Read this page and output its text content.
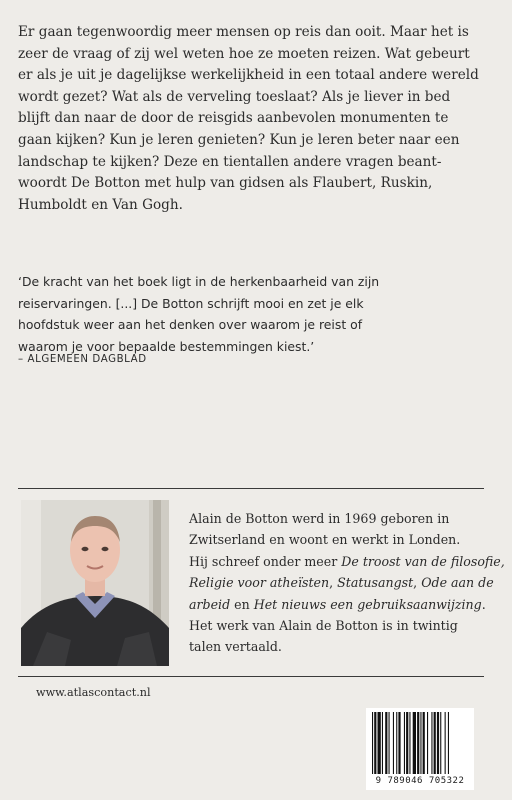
Er gaan tegenwoordig meer mensen op reis dan ooit. Maar het is
zeer de vraag of zij wel weten hoe ze moeten reizen. Wat gebeurt
er als je uit je dagelijkse werkelijkheid in een totaal andere wereld
wordt gezet? Wat als de verveling toeslaat? Als je liever in bed
blijft dan naar de door de reisgids aanbevolen monumenten te
gaan kijken? Kun je leren genieten? Kun je leren beter naar een
landschap te kijken? Deze en tientallen andere vragen beant-
woordt De Botton met hulp van gidsen als Flaubert, Ruskin,
Humboldt en Van Gogh.
‘De kracht van het boek ligt in de herkenbaarheid van zijn
reiservaringen. [...] De Botton schrijft mooi en zet je elk
hoofdstuk weer aan het denken over waarom je reist of
waarom je voor bepaalde bestemmingen kiest.’
– ALGEMEEN DAGBLAD
Alain de Botton werd in 1969 geboren in
Zwitserland en woont en werkt in Londen.
Hij schreef onder meer De troost van de filosofie,
Religie voor atheïsten, Statusangst, Ode aan de
arbeid en Het nieuws een gebruiksaanwijzing.
Het werk van Alain de Botton is in twintig
talen vertaald.
www.atlascontact.nl
9 789046 705322
